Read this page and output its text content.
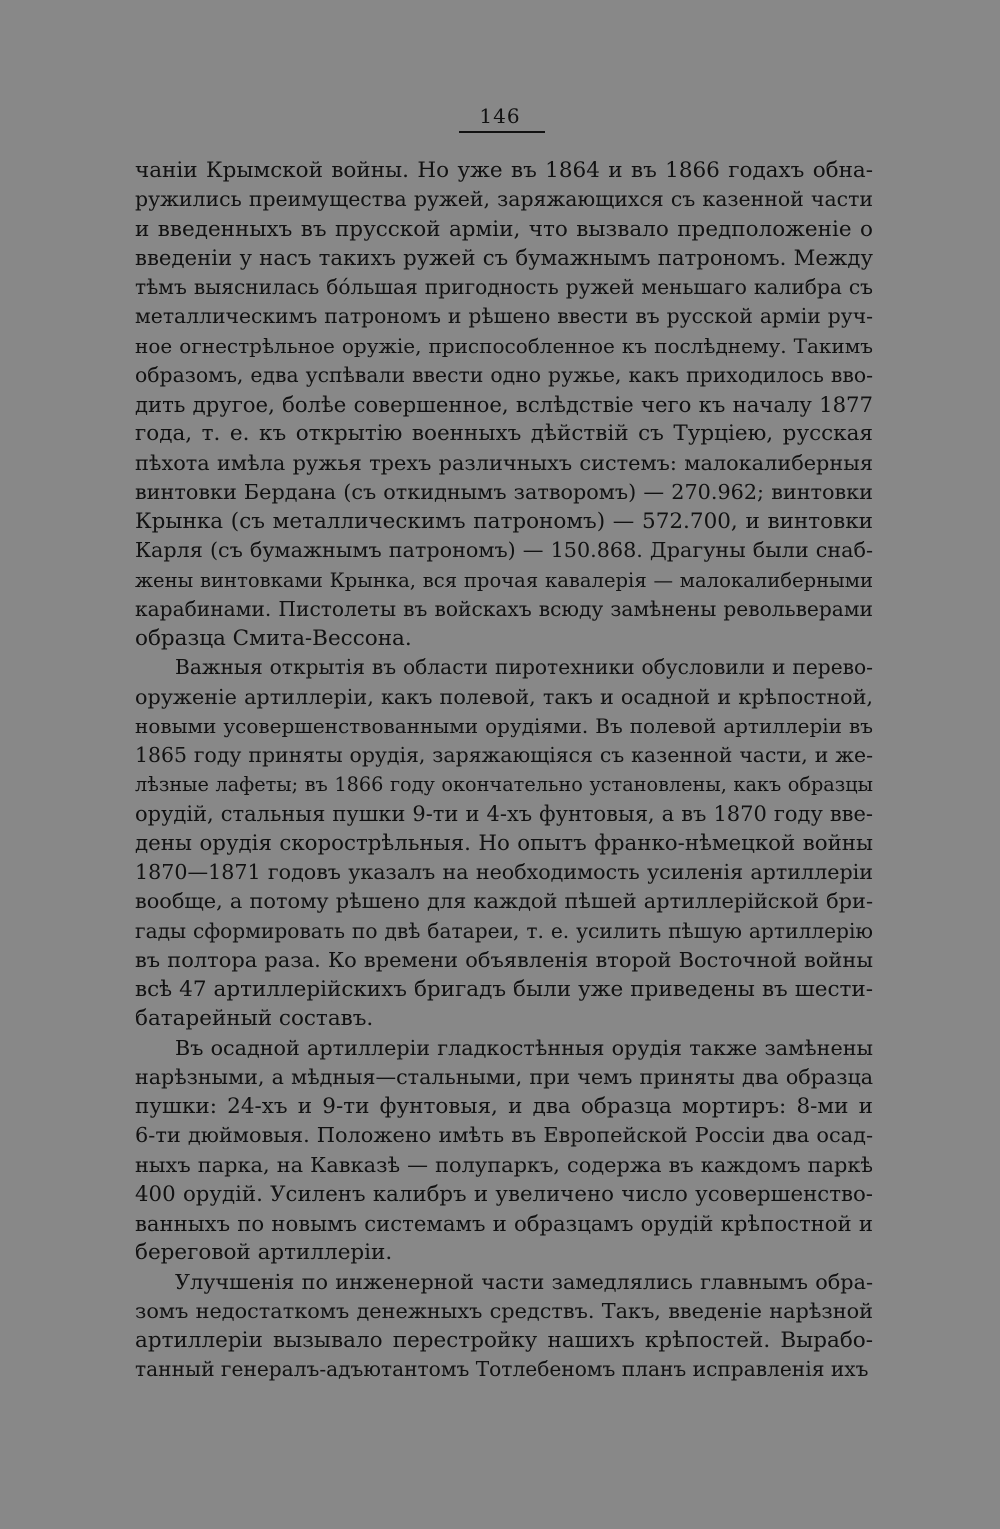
146
чаніи Крымской войны. Но уже въ 1864 и въ 1866 годахъ обна-
ружились преимущества ружей, заряжающихся съ казенной части
и введенныхъ въ прусской арміи, что вызвало предположеніе о
введеніи у насъ такихъ ружей съ бумажнымъ патрономъ. Между
тѣмъ выяснилась бо́льшая пригодность ружей меньшаго калибра съ
металлическимъ патрономъ и рѣшено ввести въ русской арміи руч-
ное огнестрѣльное оружіе, приспособленное къ послѣднему. Такимъ
образомъ, едва успѣвали ввести одно ружье, какъ приходилось вво-
дить другое, болѣе совершенное, вслѣдствіе чего къ началу 1877
года, т. е. къ открытію военныхъ дѣйствій съ Турціею, русская
пѣхота имѣла ружья трехъ различныхъ системъ: малокалиберныя
винтовки Бердана (съ откиднымъ затворомъ) — 270.962; винтовки
Крынка (съ металлическимъ патрономъ) — 572.700, и винтовки
Карля (съ бумажнымъ патрономъ) — 150.868. Драгуны были снаб-
жены винтовками Крынка, вся прочая кавалерія — малокалиберными
карабинами. Пистолеты въ войскахъ всюду замѣнены револьверами
образца Смита-Вессона.
Важныя открытія въ области пиротехники обусловили и перево-
оруженіе артиллеріи, какъ полевой, такъ и осадной и крѣпостной,
новыми усовершенствованными орудіями. Въ полевой артиллеріи въ
1865 году приняты орудія, заряжающіяся съ казенной части, и же-
лѣзные лафеты; въ 1866 году окончательно установлены, какъ образцы
орудій, стальныя пушки 9-ти и 4-хъ фунтовыя, а въ 1870 году вве-
дены орудія скорострѣльныя. Но опытъ франко-нѣмецкой войны
1870—1871 годовъ указалъ на необходимость усиленія артиллеріи
вообще, а потому рѣшено для каждой пѣшей артиллерійской бри-
гады сформировать по двѣ батареи, т. е. усилить пѣшую артиллерію
въ полтора раза. Ко времени объявленія второй Восточной войны
всѣ 47 артиллерійскихъ бригадъ были уже приведены въ шести-
батарейный составъ.
Въ осадной артиллеріи гладкостѣнныя орудія также замѣнены
нарѣзными, а мѣдныя—стальными, при чемъ приняты два образца
пушки: 24-хъ и 9-ти фунтовыя, и два образца мортиръ: 8-ми и
6-ти дюймовыя. Положено имѣть въ Европейской Россіи два осад-
ныхъ парка, на Кавказѣ — полупаркъ, содержа въ каждомъ паркѣ
400 орудій. Усиленъ калибръ и увеличено число усовершенство-
ванныхъ по новымъ системамъ и образцамъ орудій крѣпостной и
береговой артиллеріи.
Улучшенія по инженерной части замедлялись главнымъ обра-
зомъ недостаткомъ денежныхъ средствъ. Такъ, введеніе нарѣзной
артиллеріи вызывало перестройку нашихъ крѣпостей. Вырабо-
танный генералъ-адъютантомъ Тотлебеномъ планъ исправленія ихъ
